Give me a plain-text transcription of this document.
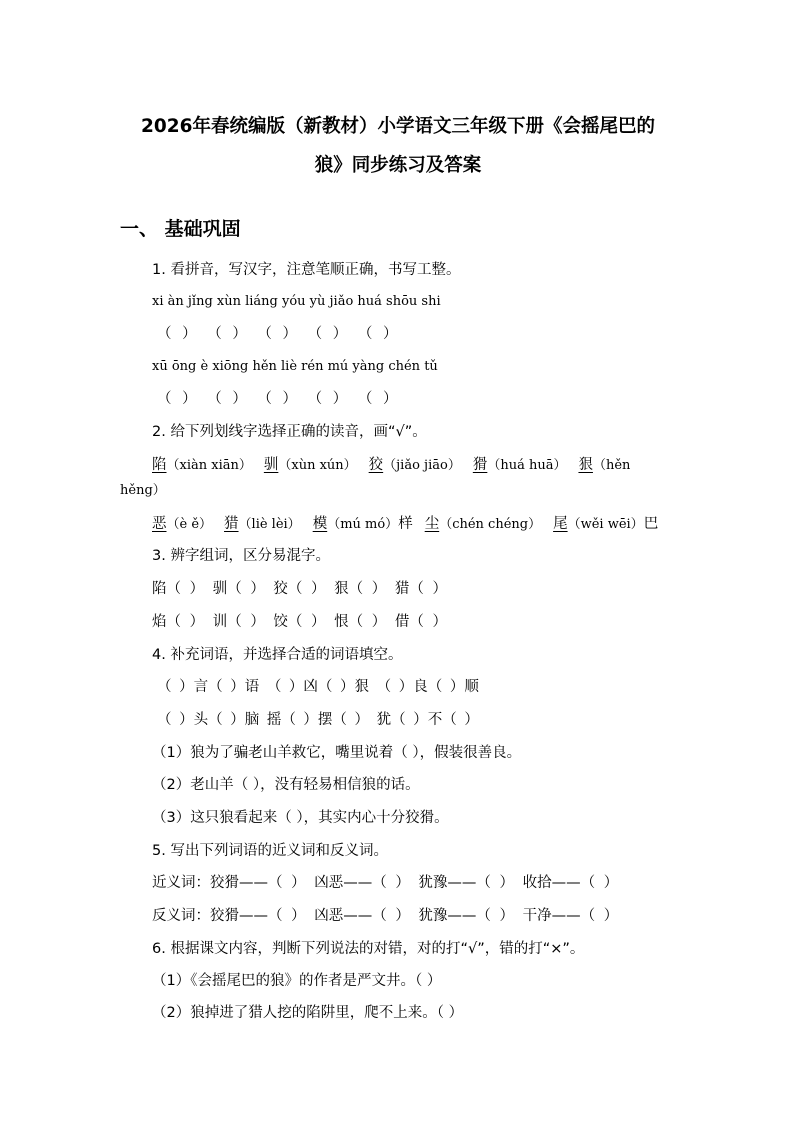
2026年春统编版（新教材）小学语文三年级下册《会摇尾巴的
狼》同步练习及答案
一、 基础巩固
1. 看拼音，写汉字，注意笔顺正确，书写工整。
xi àn jǐng xùn liáng yóu yù jiǎo huá shōu shi
（ ） （ ） （ ） （ ） （ ）
xū ōng è xiōng hěn liè rén mú yàng chén tǔ
（ ） （ ） （ ） （ ） （ ）
2. 给下列划线字选择正确的读音，画“√”。
陷（xiàn xiān） 驯（xùn xún） 狡（jiǎo jiāo） 猾（huá huā） 狠（hěn
hěng）
恶（è ě） 猎（liè lèi） 模（mú mó）样 尘（chén chéng） 尾（wěi wēi）巴
3. 辨字组词，区分易混字。
陷（ ） 驯（ ） 狡（ ） 狠（ ） 猎（ ）
焰（ ） 训（ ） 饺（ ） 恨（ ） 借（ ）
4. 补充词语，并选择合适的词语填空。
（ ）言（ ）语 （ ）凶（ ）狠 （ ）良（ ）顺
（ ）头（ ）脑 摇（ ）摆（ ） 犹（ ）不（ ）
（1）狼为了骗老山羊救它，嘴里说着（ ），假装很善良。
（2）老山羊（ ），没有轻易相信狼的话。
（3）这只狼看起来（ ），其实内心十分狡猾。
5. 写出下列词语的近义词和反义词。
近义词：狡猾——（ ） 凶恶——（ ） 犹豫——（ ） 收拾——（ ）
反义词：狡猾——（ ） 凶恶——（ ） 犹豫——（ ） 干净——（ ）
6. 根据课文内容，判断下列说法的对错，对的打“√”，错的打“×”。
（1）《会摇尾巴的狼》的作者是严文井。（ ）
（2）狼掉进了猎人挖的陷阱里，爬不上来。（ ）
